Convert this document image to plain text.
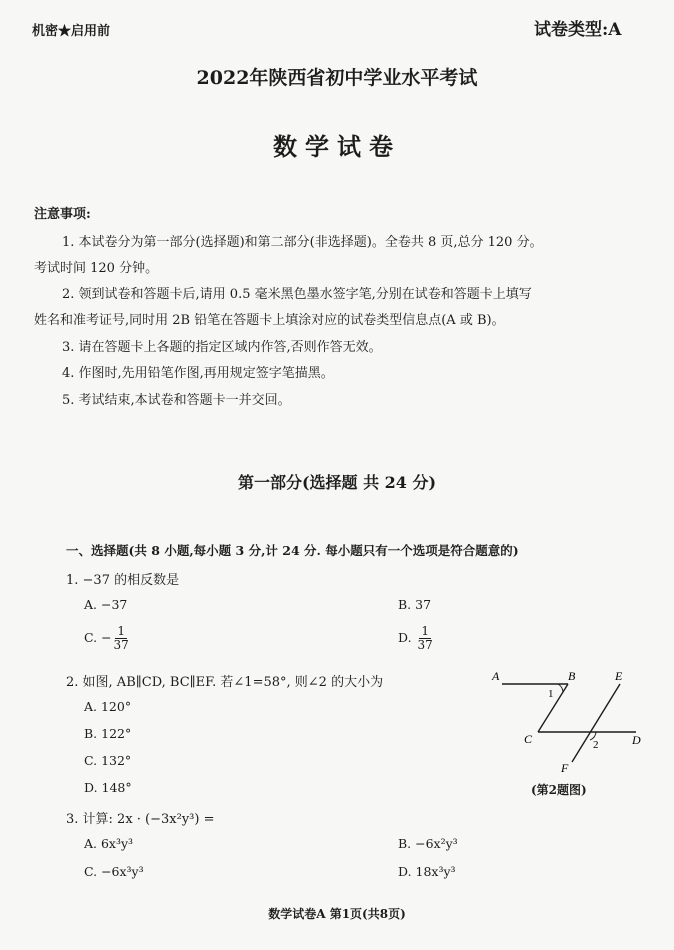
机密★启用前	试卷类型:A
2022年陕西省初中学业水平考试
数学试卷
注意事项:
1. 本试卷分为第一部分(选择题)和第二部分(非选择题)。全卷共 8 页,总分 120 分。
考试时间 120 分钟。
2. 领到试卷和答题卡后,请用 0.5 毫米黑色墨水签字笔,分别在试卷和答题卡上填写
姓名和准考证号,同时用 2B 铅笔在答题卡上填涂对应的试卷类型信息点(A 或 B)。
3. 请在答题卡上各题的指定区域内作答,否则作答无效。
4. 作图时,先用铅笔作图,再用规定签字笔描黑。
5. 考试结束,本试卷和答题卡一并交回。
第一部分(选择题 共 24 分)
一、选择题(共 8 小题,每小题 3 分,计 24 分. 每小题只有一个选项是符合题意的)
1. −37 的相反数是
A. −37	B. 37
C. − $\frac{1}{37}$	D. $\frac{1}{37}$
2. 如图, AB∥CD, BC∥EF. 若∠1=58°, 则∠2 的大小为
A. 120°
B. 122°
C. 132°
D. 148°
A	B	E
C	D
F
1
2
(第2题图)
3. 计算: 2x · (−3x²y³) =
A. 6x³y³	B. −6x²y³
C. −6x³y³	D. 18x³y³
数学试卷A 第1页(共8页)
